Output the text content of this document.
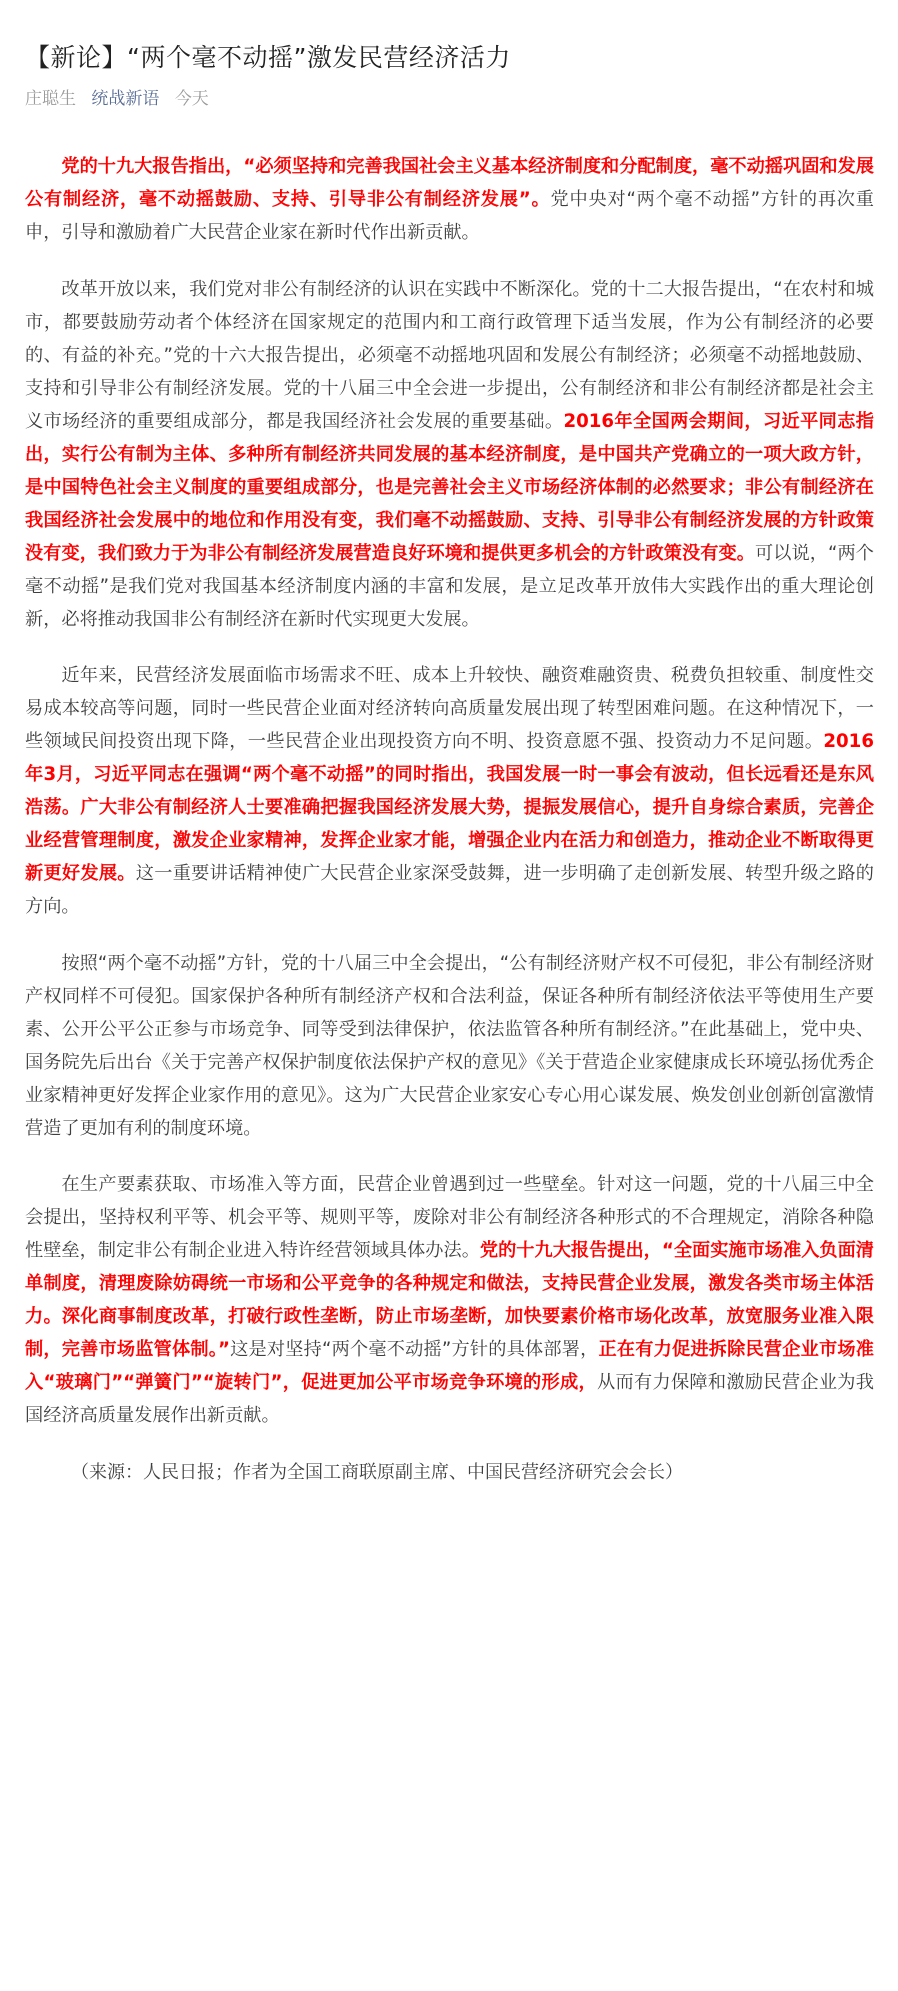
【新论】“两个毫不动摇”激发民营经济活力
庄聪生 统战新语 今天

党的十九大报告指出，“必须坚持和完善我国社会主义基本经济制度和分配制度，毫不动摇巩固和发展公有制经济，毫不动摇鼓励、支持、引导非公有制经济发展”。党中央对“两个毫不动摇”方针的再次重申，引导和激励着广大民营企业家在新时代作出新贡献。

改革开放以来，我们党对非公有制经济的认识在实践中不断深化。党的十二大报告提出，“在农村和城市，都要鼓励劳动者个体经济在国家规定的范围内和工商行政管理下适当发展，作为公有制经济的必要的、有益的补充。”党的十六大报告提出，必须毫不动摇地巩固和发展公有制经济；必须毫不动摇地鼓励、支持和引导非公有制经济发展。党的十八届三中全会进一步提出，公有制经济和非公有制经济都是社会主义市场经济的重要组成部分，都是我国经济社会发展的重要基础。2016年全国两会期间，习近平同志指出，实行公有制为主体、多种所有制经济共同发展的基本经济制度，是中国共产党确立的一项大政方针，是中国特色社会主义制度的重要组成部分，也是完善社会主义市场经济体制的必然要求；非公有制经济在我国经济社会发展中的地位和作用没有变，我们毫不动摇鼓励、支持、引导非公有制经济发展的方针政策没有变，我们致力于为非公有制经济发展营造良好环境和提供更多机会的方针政策没有变。可以说，“两个毫不动摇”是我们党对我国基本经济制度内涵的丰富和发展，是立足改革开放伟大实践作出的重大理论创新，必将推动我国非公有制经济在新时代实现更大发展。

近年来，民营经济发展面临市场需求不旺、成本上升较快、融资难融资贵、税费负担较重、制度性交易成本较高等问题，同时一些民营企业面对经济转向高质量发展出现了转型困难问题。在这种情况下，一些领域民间投资出现下降，一些民营企业出现投资方向不明、投资意愿不强、投资动力不足问题。2016年3月，习近平同志在强调“两个毫不动摇”的同时指出，我国发展一时一事会有波动，但长远看还是东风浩荡。广大非公有制经济人士要准确把握我国经济发展大势，提振发展信心，提升自身综合素质，完善企业经营管理制度，激发企业家精神，发挥企业家才能，增强企业内在活力和创造力，推动企业不断取得更新更好发展。这一重要讲话精神使广大民营企业家深受鼓舞，进一步明确了走创新发展、转型升级之路的方向。

按照“两个毫不动摇”方针，党的十八届三中全会提出，“公有制经济财产权不可侵犯，非公有制经济财产权同样不可侵犯。国家保护各种所有制经济产权和合法利益，保证各种所有制经济依法平等使用生产要素、公开公平公正参与市场竞争、同等受到法律保护，依法监管各种所有制经济。”在此基础上，党中央、国务院先后出台《关于完善产权保护制度依法保护产权的意见》《关于营造企业家健康成长环境弘扬优秀企业家精神更好发挥企业家作用的意见》。这为广大民营企业家安心专心用心谋发展、焕发创业创新创富激情营造了更加有利的制度环境。

在生产要素获取、市场准入等方面，民营企业曾遇到过一些壁垒。针对这一问题，党的十八届三中全会提出，坚持权利平等、机会平等、规则平等，废除对非公有制经济各种形式的不合理规定，消除各种隐性壁垒，制定非公有制企业进入特许经营领域具体办法。党的十九大报告提出，“全面实施市场准入负面清单制度，清理废除妨碍统一市场和公平竞争的各种规定和做法，支持民营企业发展，激发各类市场主体活力。深化商事制度改革，打破行政性垄断，防止市场垄断，加快要素价格市场化改革，放宽服务业准入限制，完善市场监管体制。”这是对坚持“两个毫不动摇”方针的具体部署，正在有力促进拆除民营企业市场准入“玻璃门”“弹簧门”“旋转门”，促进更加公平市场竞争环境的形成，从而有力保障和激励民营企业为我国经济高质量发展作出新贡献。

（来源：人民日报；作者为全国工商联原副主席、中国民营经济研究会会长）
